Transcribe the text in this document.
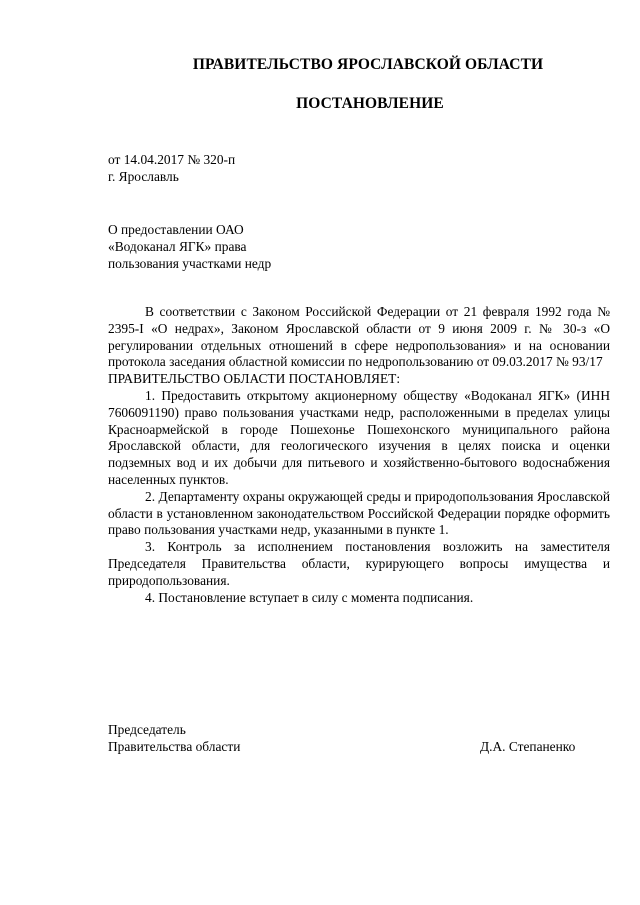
ПРАВИТЕЛЬСТВО ЯРОСЛАВСКОЙ ОБЛАСТИ
ПОСТАНОВЛЕНИЕ
от 14.04.2017 № 320-п
г. Ярославль
О предоставлении ОАО
«Водоканал ЯГК» права
пользования участками недр

В соответствии с Законом Российской Федерации от 21 февраля 1992 года № 2395-I «О недрах», Законом Ярославской области от 9 июня 2009 г. № 30-з «О регулировании отдельных отношений в сфере недропользования» и на основании протокола заседания областной комиссии по недропользованию от 09.03.2017 № 93/17

ПРАВИТЕЛЬСТВО ОБЛАСТИ ПОСТАНОВЛЯЕТ:

1. Предоставить открытому акционерному обществу «Водоканал ЯГК» (ИНН 7606091190) право пользования участками недр, расположенными в пределах улицы Красноармейской в городе Пошехонье Пошехонского муниципального района Ярославской области, для геологического изучения в целях поиска и оценки подземных вод и их добычи для питьевого и хозяйственно-бытового водоснабжения населенных пунктов.

2. Департаменту охраны окружающей среды и природопользования Ярославской области в установленном законодательством Российской Федерации порядке оформить право пользования участками недр, указанными в пункте 1.

3. Контроль за исполнением постановления возложить на заместителя Председателя Правительства области, курирующего вопросы имущества и природопользования.

4. Постановление вступает в силу с момента подписания.

Председатель
Правительства области	Д.А. Степаненко
